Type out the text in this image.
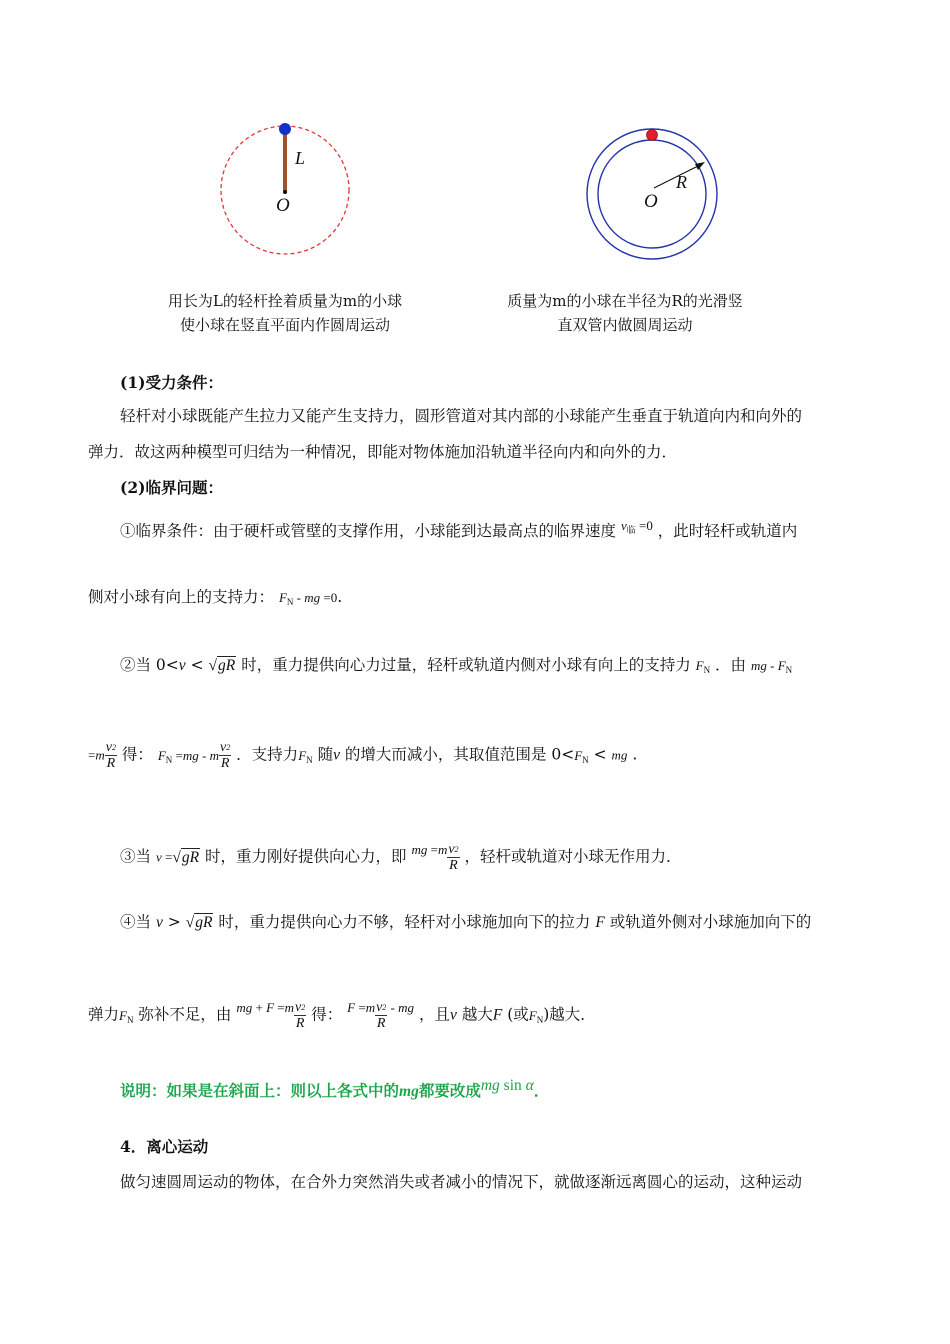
L
O
R
O
用长为L的轻杆拴着质量为m的小球
使小球在竖直平面内作圆周运动
质量为m的小球在半径为R的光滑竖
直双管内做圆周运动
(1)受力条件：
轻杆对小球既能产生拉力又能产生支持力，圆形管道对其内部的小球能产生垂直于轨道向内和向外的
弹力．故这两种模型可归结为一种情况，即能对物体施加沿轨道半径向内和向外的力．
(2)临界问题：
①临界条件：由于硬杆或管壁的支撑作用，小球能到达最高点的临界速度 $^{v_临 =0}$ ，此时轻杆或轨道内
侧对小球有向上的支持力： $F_N$ - mg =0.
②当 0<v < √gR 时，重力提供向心力过量，轻杆或轨道内侧对小球有向上的支持力 $F_N$ ．由 mg - $F_N$
$=m \frac{v^2}{R}$ 得： $F_N =mg - m \frac{v^2}{R}$ ．支持力$F_N$ 随v 的增大而减小，其取值范围是 $0<F_N$ < mg .
③当 v =√gR 时，重力刚好提供向心力，即 $^{mg =m} \frac{v^2}{R}$ ，轻杆或轨道对小球无作用力．
④当 v > √gR 时，重力提供向心力不够，轻杆对小球施加向下的拉力 F 或轨道外侧对小球施加向下的
弹力$F_N$ 弥补不足，由 $^{mg + F =m} \frac{v^2}{R}$ 得： $^{F =m} \frac{v^2}{R} ^{- mg}$ ，且v 越大F (或$F_N$)越大．
说明：如果是在斜面上：则以上各式中的mg都要改成mg sin α．
4．离心运动
做匀速圆周运动的物体，在合外力突然消失或者减小的情况下，就做逐渐远离圆心的运动，这种运动
